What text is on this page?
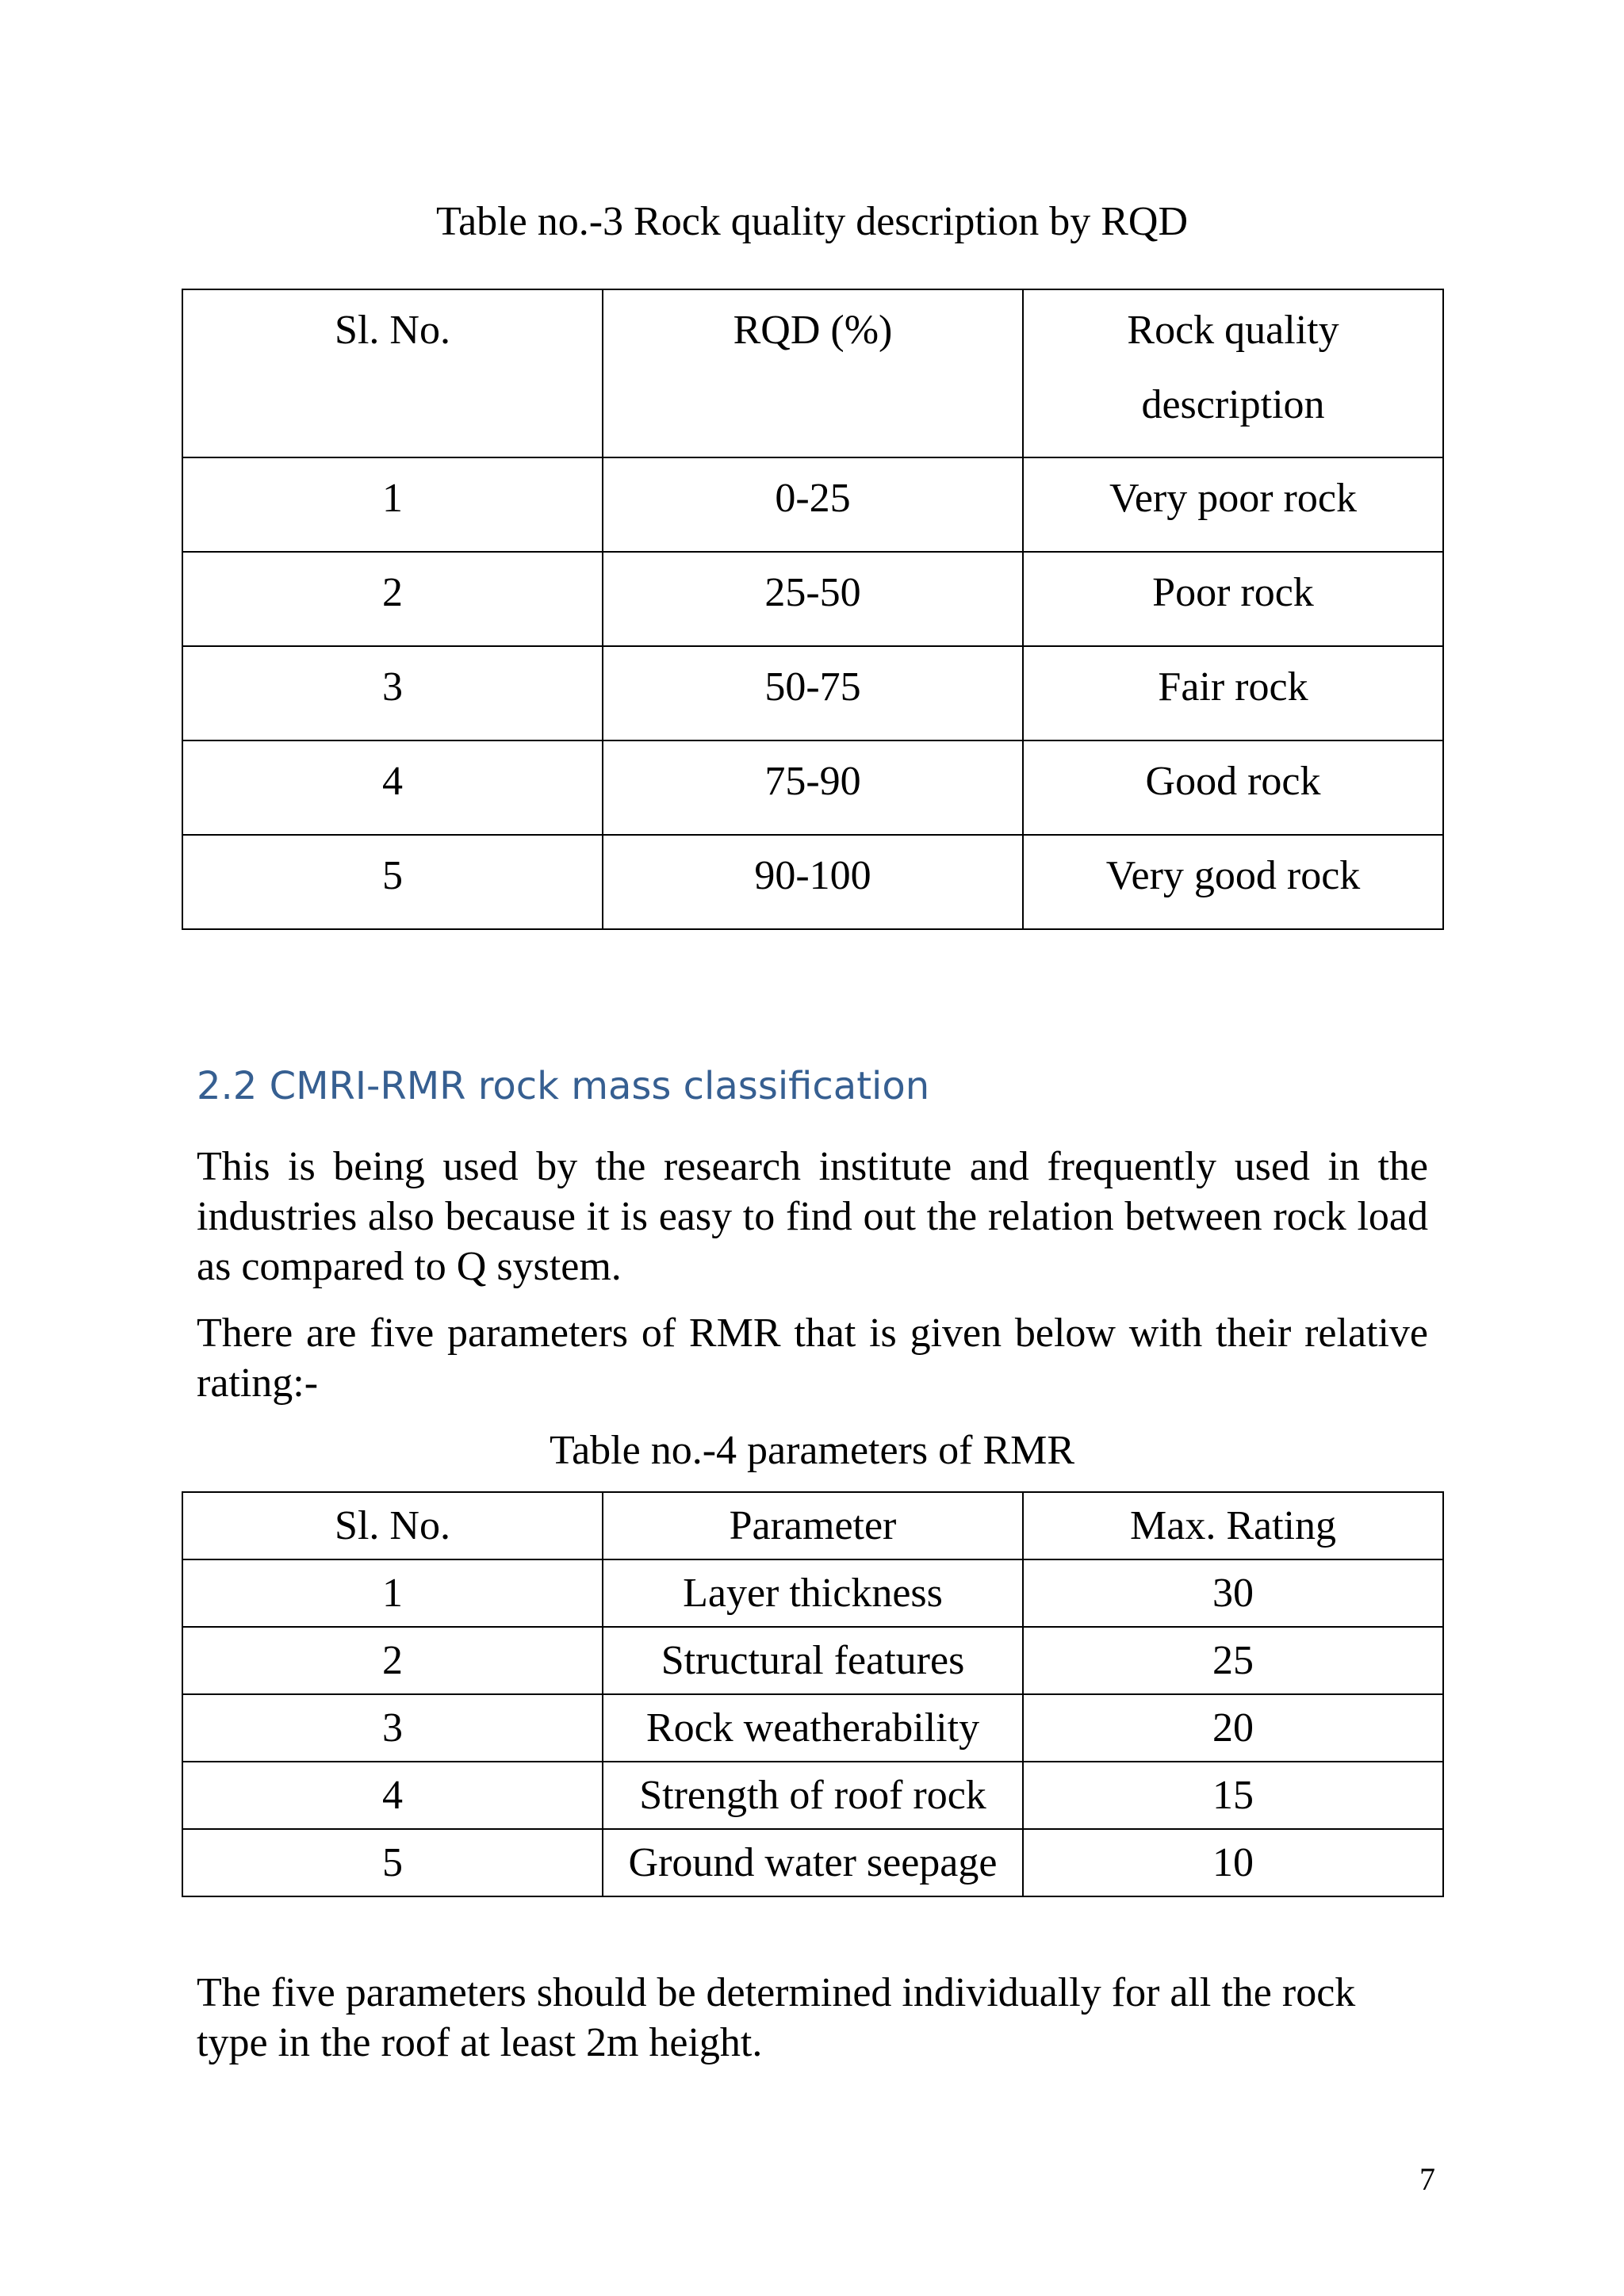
Table no.-3 Rock quality description by RQD
Sl. No.	RQD (%)	Rock quality description
1	0-25	Very poor rock
2	25-50	Poor rock
3	50-75	Fair rock
4	75-90	Good rock
5	90-100	Very good rock
2.2 CMRI-RMR rock mass classification
This is being used by the research institute and frequently used in the industries also because it is easy to find out the relation between rock load as compared to Q system.
There are five parameters of RMR that is given below with their relative rating:-
Table no.-4 parameters of RMR
Sl. No.	Parameter	Max. Rating
1	Layer thickness	30
2	Structural features	25
3	Rock weatherability	20
4	Strength of roof rock	15
5	Ground water seepage	10
The five parameters should be determined individually for all the rock type in the roof at least 2m height.
7
